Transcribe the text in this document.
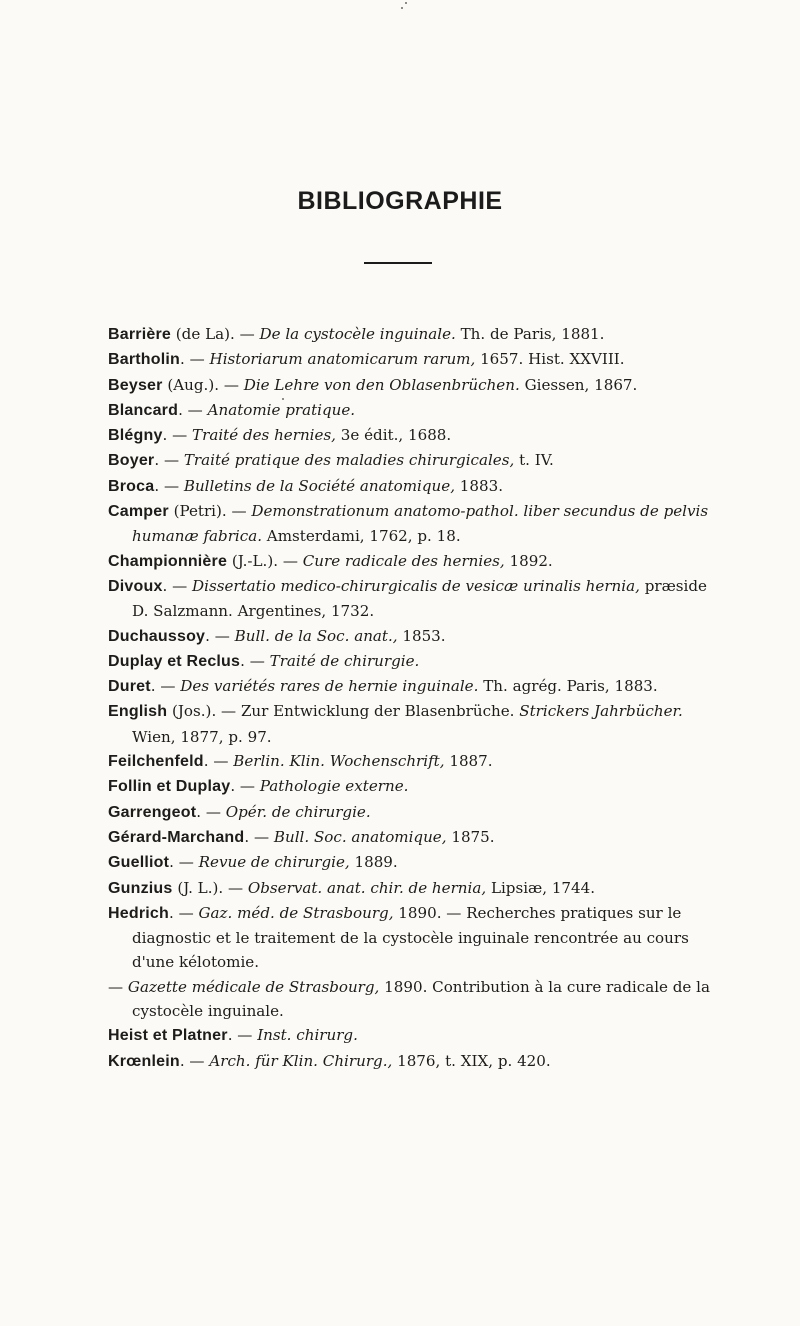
BIBLIOGRAPHIE

Barrière (de La). — De la cystocèle inguinale. Th. de Paris, 1881.

Bartholin. — Historiarum anatomicarum rarum, 1657. Hist. XXVIII.

Beyser (Aug.). — Die Lehre von den Oblasenbrüchen. Giessen, 1867.

Blancard. — Anatomie pratique.

Blégny. — Traité des hernies, 3e édit., 1688.

Boyer. — Traité pratique des maladies chirurgicales, t. IV.

Broca. — Bulletins de la Société anatomique, 1883.

Camper (Petri). — Demonstrationum anatomo-pathol. liber secundus de pelvis humanæ fabrica. Amsterdami, 1762, p. 18.

Championnière (J.-L.). — Cure radicale des hernies, 1892.

Divoux. — Dissertatio medico-chirurgicalis de vesicæ urinalis hernia, præside D. Salzmann. Argentines, 1732.

Duchaussoy. — Bull. de la Soc. anat., 1853.

Duplay et Reclus. — Traité de chirurgie.

Duret. — Des variétés rares de hernie inguinale. Th. agrég. Paris, 1883.

English (Jos.). — Zur Entwicklung der Blasenbrüche. Strickers Jahrbücher. Wien, 1877, p. 97.

Feilchenfeld. — Berlin. Klin. Wochenschrift, 1887.

Follin et Duplay. — Pathologie externe.

Garrengeot. — Opér. de chirurgie.

Gérard-Marchand. — Bull. Soc. anatomique, 1875.

Guelliot. — Revue de chirurgie, 1889.

Gunzius (J. L.). — Observat. anat. chir. de hernia, Lipsiæ, 1744.

Hedrich. — Gaz. méd. de Strasbourg, 1890. — Recherches pratiques sur le diagnostic et le traitement de la cystocèle inguinale rencontrée au cours d'une kélotomie.

— Gazette médicale de Strasbourg, 1890. Contribution à la cure radicale de la cystocèle inguinale.

Heist et Platner. — Inst. chirurg.

Krœnlein. — Arch. für Klin. Chirurg., 1876, t. XIX, p. 420.
